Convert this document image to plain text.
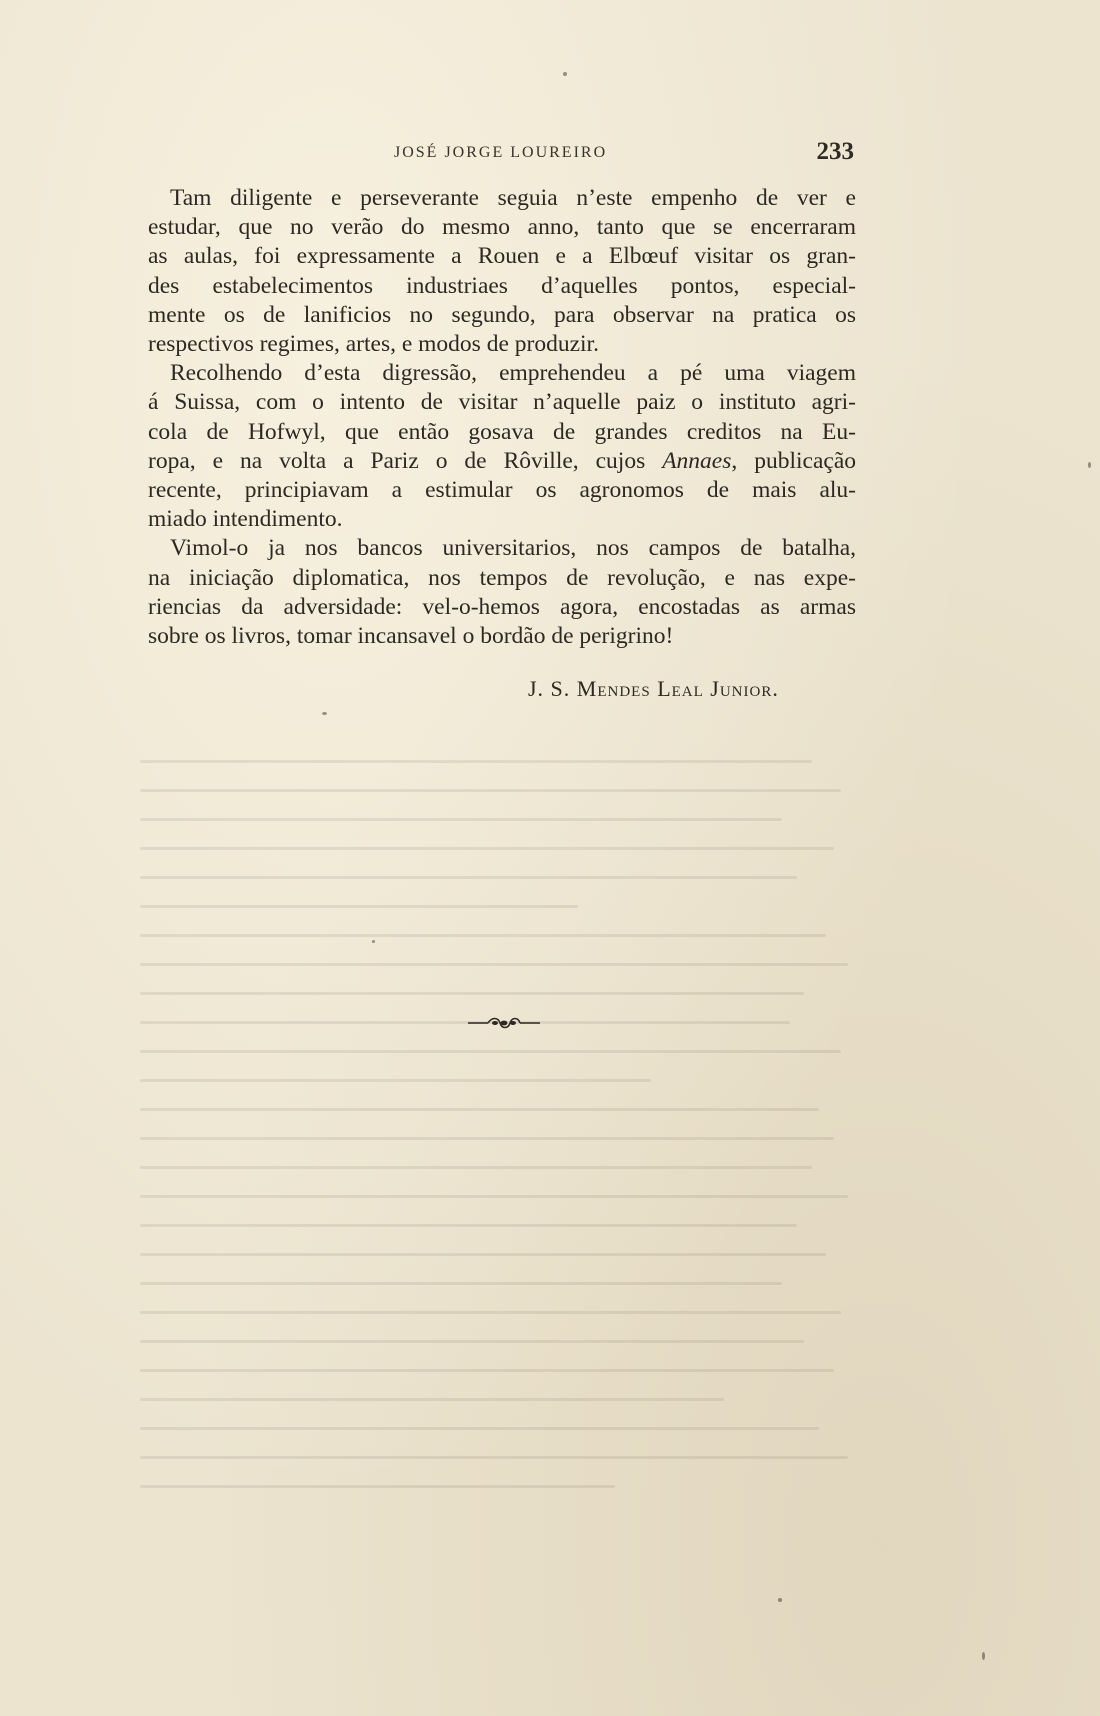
JOSÉ JORGE LOUREIRO	233

Tam diligente e perseverante seguia n’este empenho de ver e
estudar, que no verão do mesmo anno, tanto que se encerraram
as aulas, foi expressamente a Rouen e a Elbœuf visitar os gran-
des estabelecimentos industriaes d’aquelles pontos, especial-
mente os de lanificios no segundo, para observar na pratica os
respectivos regimes, artes, e modos de produzir.

Recolhendo d’esta digressão, emprehendeu a pé uma viagem
á Suissa, com o intento de visitar n’aquelle paiz o instituto agri-
cola de Hofwyl, que então gosava de grandes creditos na Eu-
ropa, e na volta a Pariz o de Rôville, cujos Annaes, publicação
recente, principiavam a estimular os agronomos de mais alu-
miado intendimento.

Vimol-o ja nos bancos universitarios, nos campos de batalha,
na iniciação diplomatica, nos tempos de revolução, e nas expe-
riencias da adversidade: vel-o-hemos agora, encostadas as armas
sobre os livros, tomar incansavel o bordão de perigrino!

J. S. Mendes Leal Junior.
